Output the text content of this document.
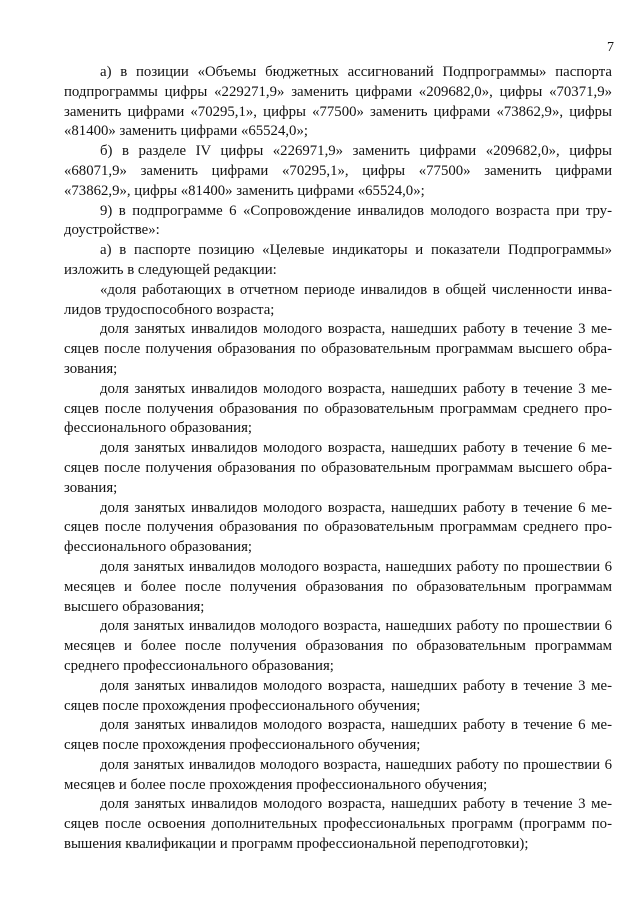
7

а) в позиции «Объемы бюджетных ассигнований Подпрограммы» паспорта подпрограммы цифры «229271,9» заменить цифрами «209682,0», цифры «70371,9» заменить цифрами «70295,1», цифры «77500» заменить цифрами «73862,9», цифры «81400» заменить цифрами «65524,0»;

б) в разделе IV цифры «226971,9» заменить цифрами «209682,0», цифры «68071,9» заменить цифрами «70295,1», цифры «77500» заменить цифрами «73862,9», цифры «81400» заменить цифрами «65524,0»;

9) в подпрограмме 6 «Сопровождение инвалидов молодого возраста при трудоустройстве»:

а) в паспорте позицию «Целевые индикаторы и показатели Подпрограммы» изложить в следующей редакции:

«доля работающих в отчетном периоде инвалидов в общей численности инвалидов трудоспособного возраста;

доля занятых инвалидов молодого возраста, нашедших работу в течение 3 месяцев после получения образования по образовательным программам высшего образования;

доля занятых инвалидов молодого возраста, нашедших работу в течение 3 месяцев после получения образования по образовательным программам среднего профессионального образования;

доля занятых инвалидов молодого возраста, нашедших работу в течение 6 месяцев после получения образования по образовательным программам высшего образования;

доля занятых инвалидов молодого возраста, нашедших работу в течение 6 месяцев после получения образования по образовательным программам среднего профессионального образования;

доля занятых инвалидов молодого возраста, нашедших работу по прошествии 6 месяцев и более после получения образования по образовательным программам высшего образования;

доля занятых инвалидов молодого возраста, нашедших работу по прошествии 6 месяцев и более после получения образования по образовательным программам среднего профессионального образования;

доля занятых инвалидов молодого возраста, нашедших работу в течение 3 месяцев после прохождения профессионального обучения;

доля занятых инвалидов молодого возраста, нашедших работу в течение 6 месяцев после прохождения профессионального обучения;

доля занятых инвалидов молодого возраста, нашедших работу по прошествии 6 месяцев и более после прохождения профессионального обучения;

доля занятых инвалидов молодого возраста, нашедших работу в течение 3 месяцев после освоения дополнительных профессиональных программ (программ повышения квалификации и программ профессиональной переподготовки);
